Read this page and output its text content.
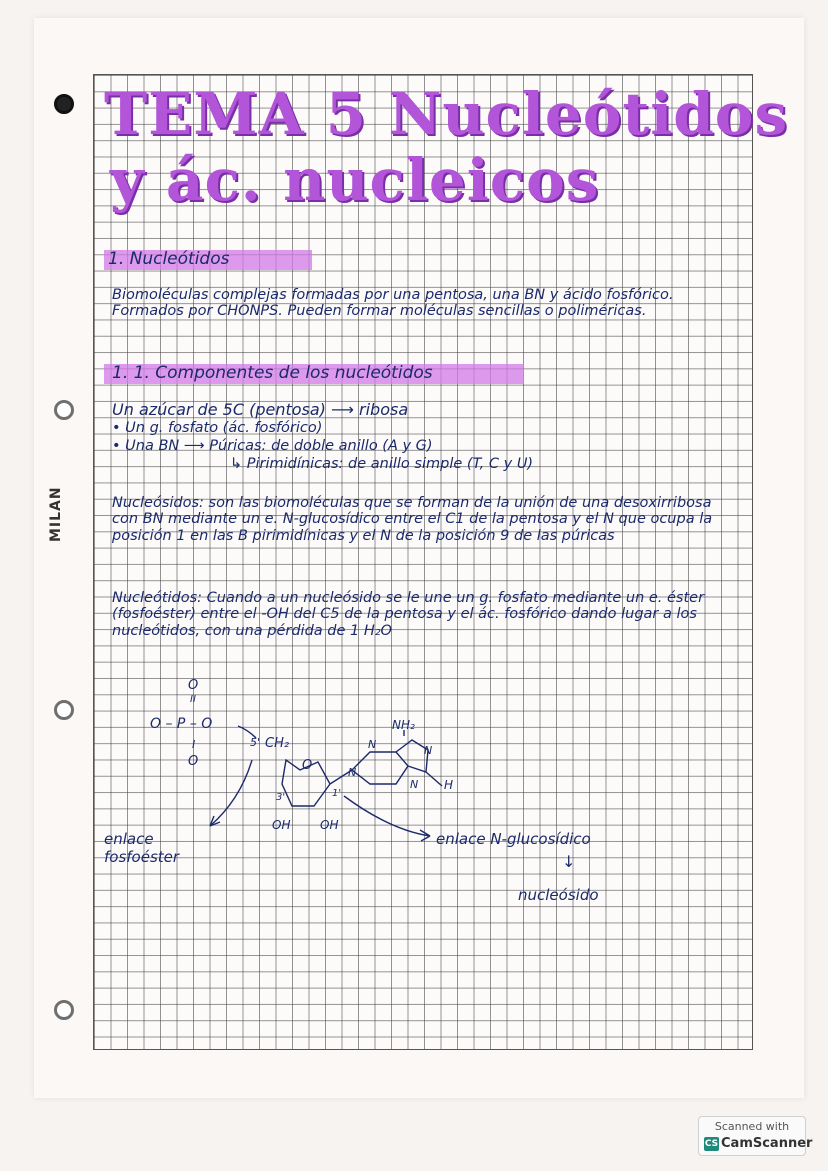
MILAN
TEMA 5 Nucleótidos
y ác. nucleicos
1. Nucleótidos
Biomoléculas complejas formadas por una pentosa, una BN y ácido fosfórico. Formados por CHONPS. Pueden formar moléculas sencillas o poliméricas.
1. 1. Componentes de los nucleótidos
Un azúcar de 5C (pentosa) ⟶ ribosa
• Un g. fosfato (ác. fosfórico)
• Una BN ⟶ Púricas: de doble anillo (A y G)
↳ Pirimidínicas: de anillo simple (T, C y U)
Nucleósidos: son las biomoléculas que se forman de la unión de una desoxirribosa con BN mediante un e. N-glucosídico entre el C1 de la pentosa y el N que ocupa la posición 1 en las B pirimidínicas y el N de la posición 9 de las púricas
Nucleótidos: Cuando a un nucleósido se le une un g. fosfato mediante un e. éster (fosfoéster) entre el -OH del C5 de la pentosa y el ác. fosfórico dando lugar a los nucleótidos, con una pérdida de 1 H₂O
O
II
O – P – O
I
O
5' CH₂
O
3'	1'
OH OH
NH₂
N	N
N
N H
enlace
fosfoéster
enlace N-glucosídico
↓
nucleósido
Scanned with
CS CamScanner
